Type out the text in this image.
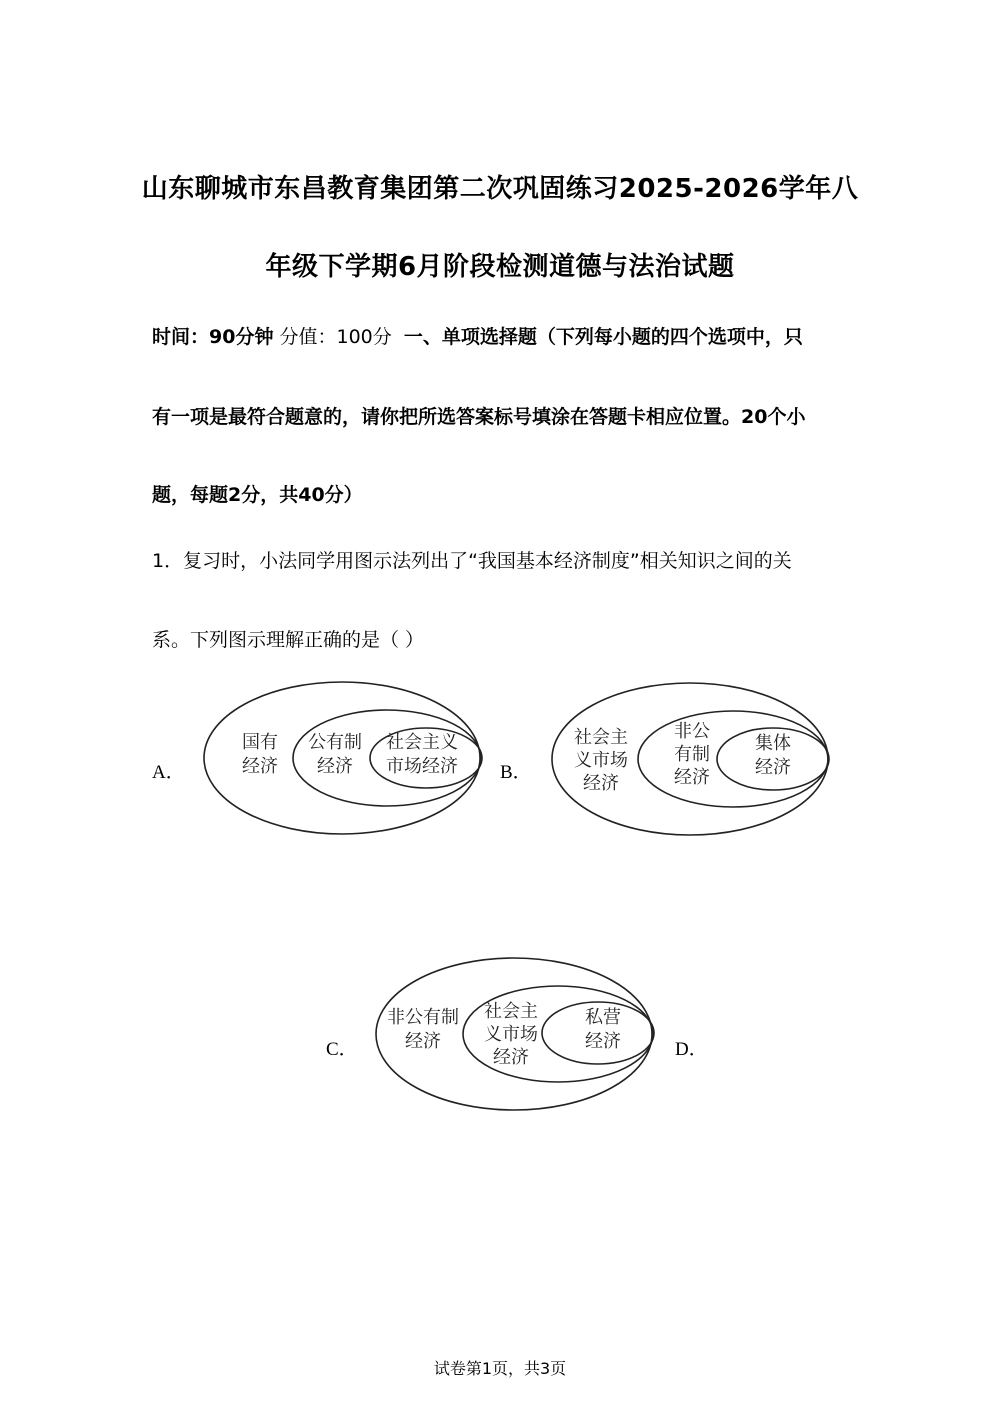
山东聊城市东昌教育集团第二次巩固练习2025-2026学年八
年级下学期6月阶段检测道德与法治试题
时间：90分钟 分值：100分 一、单项选择题（下列每小题的四个选项中，只
有一项是最符合题意的，请你把所选答案标号填涂在答题卡相应位置。20个小
题，每题2分，共40分）
1．复习时，小法同学用图示法列出了“我国基本经济制度”相关知识之间的关
系。下列图示理解正确的是（ ）
A．
国有
经济
公有制
经济
社会主义
市场经济 B．
社会主
义市场
经济
非公
有制
经济
集体
经济
C．
非公有制
经济
社会主
义市场
经济
私营
经济	D．
试卷第1页，共3页
